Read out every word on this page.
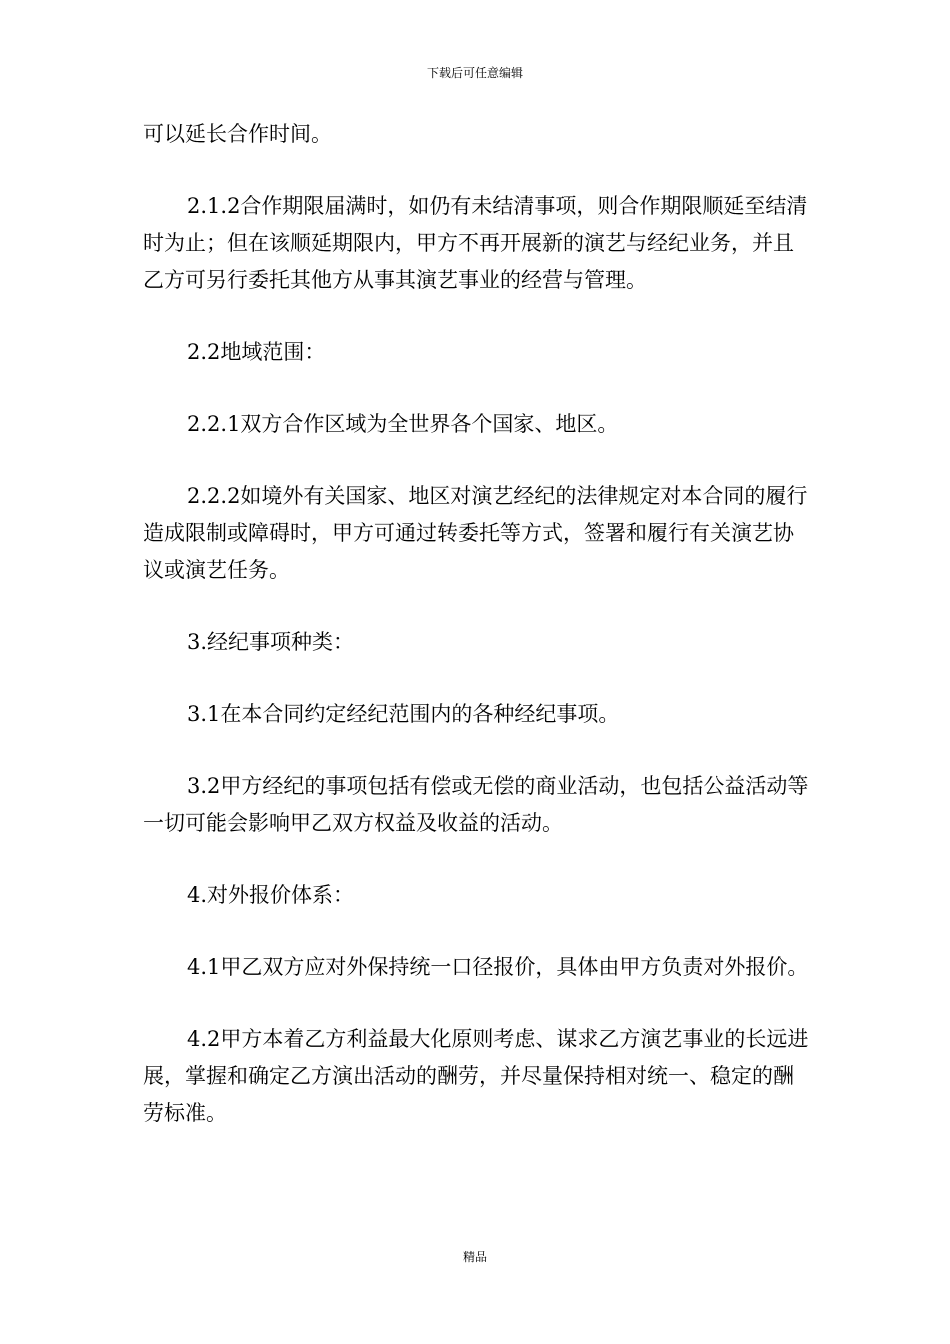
下载后可任意编辑

可以延长合作时间。

2.1.2合作期限届满时，如仍有未结清事项，则合作期限顺延至结清时为止；但在该顺延期限内，甲方不再开展新的演艺与经纪业务，并且乙方可另行委托其他方从事其演艺事业的经营与管理。

2.2地域范围：

2.2.1双方合作区域为全世界各个国家、地区。

2.2.2如境外有关国家、地区对演艺经纪的法律规定对本合同的履行造成限制或障碍时，甲方可通过转委托等方式，签署和履行有关演艺协议或演艺任务。

3.经纪事项种类：

3.1在本合同约定经纪范围内的各种经纪事项。

3.2甲方经纪的事项包括有偿或无偿的商业活动，也包括公益活动等一切可能会影响甲乙双方权益及收益的活动。

4.对外报价体系：

4.1甲乙双方应对外保持统一口径报价，具体由甲方负责对外报价。

4.2甲方本着乙方利益最大化原则考虑、谋求乙方演艺事业的长远进展，掌握和确定乙方演出活动的酬劳，并尽量保持相对统一、稳定的酬劳标准。

精品
